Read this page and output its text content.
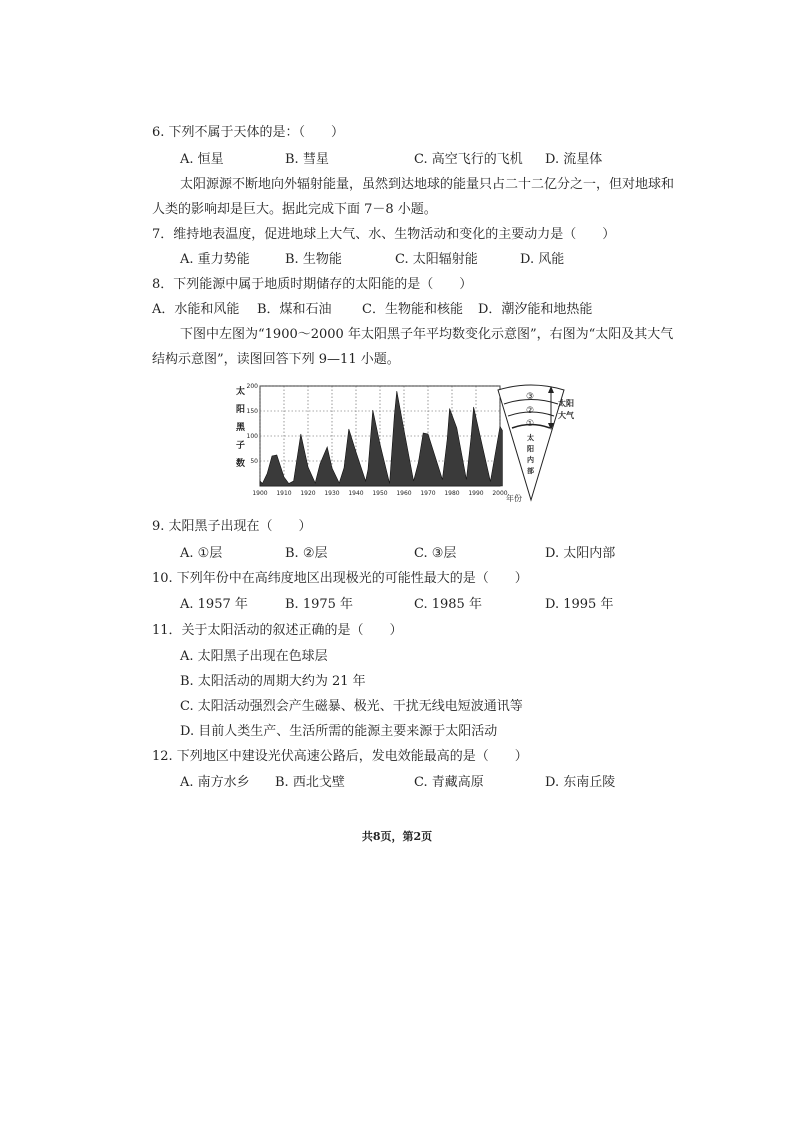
6. 下列不属于天体的是：（　　）
A. 恒星	B. 彗星	C. 高空飞行的飞机 D. 流星体
太阳源源不断地向外辐射能量，虽然到达地球的能量只占二十二亿分之一，但对地球和
人类的影响却是巨大。据此完成下面 7－8 小题。
7．维持地表温度，促进地球上大气、水、生物活动和变化的主要动力是（　　）
A. 重力势能	B. 生物能	C. 太阳辐射能	D. 风能
8．下列能源中属于地质时期储存的太阳能的是（　　）
A．水能和风能 B．煤和石油 C．生物能和核能 D．潮汐能和地热能
下图中左图为“1900～2000 年太阳黑子年平均数变化示意图”，右图为“太阳及其大气
结构示意图”，读图回答下列 9—11 小题。
太
阳
黑
子
数
1900 1910 1920 1930 1940 1950 1960 1970 1980 1990 2000
50
100
150
200
年份
③
②
①
太
阳
内
部
太阳
大气
9. 太阳黑子出现在（　　）
A. ①层	B. ②层	C. ③层	D. 太阳内部
10. 下列年份中在高纬度地区出现极光的可能性最大的是（　　）
A. 1957 年	B. 1975 年	C. 1985 年	D. 1995 年
11．关于太阳活动的叙述正确的是（　　）
A. 太阳黑子出现在色球层
B. 太阳活动的周期大约为 21 年
C. 太阳活动强烈会产生磁暴、极光、干扰无线电短波通讯等
D. 目前人类生产、生活所需的能源主要来源于太阳活动
12. 下列地区中建设光伏高速公路后，发电效能最高的是（　　）
A. 南方水乡 B. 西北戈壁	C. 青藏高原	D. 东南丘陵
共8页，第2页
